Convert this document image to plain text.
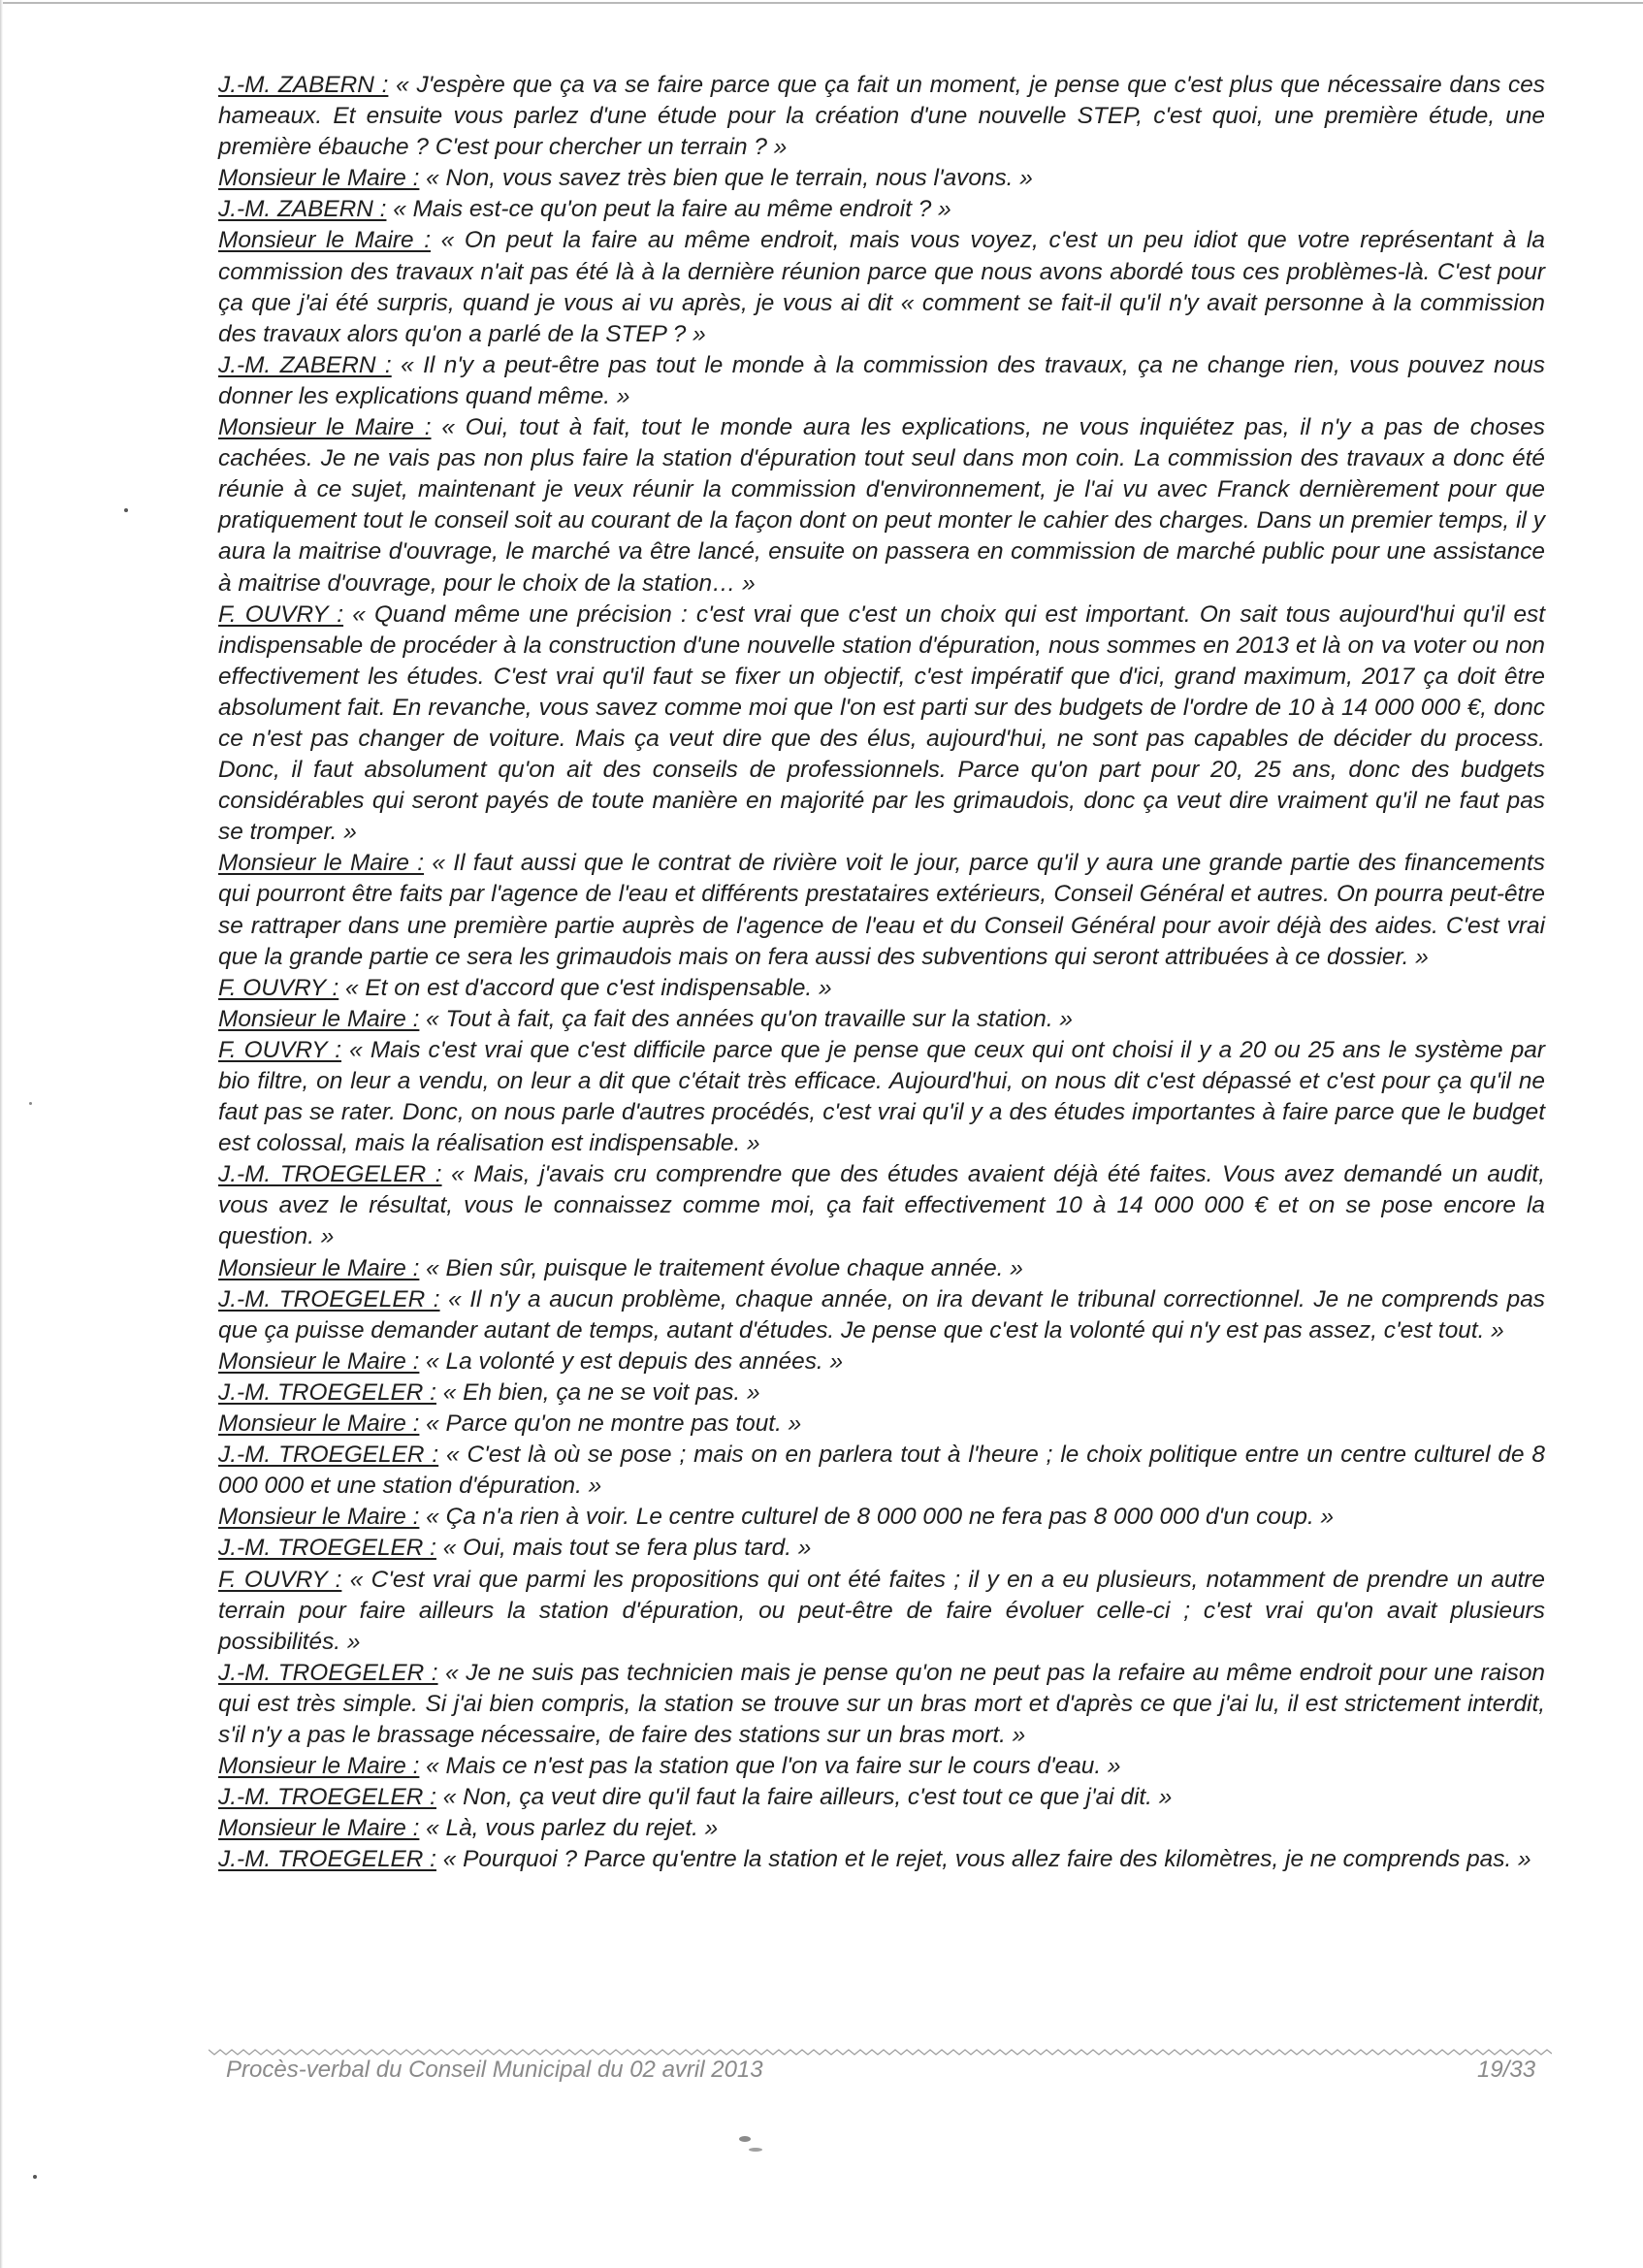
J.-M. ZABERN : « J'espère que ça va se faire parce que ça fait un moment, je pense que c'est plus que nécessaire dans ces hameaux. Et ensuite vous parlez d'une étude pour la création d'une nouvelle STEP, c'est quoi, une première étude, une première ébauche ? C'est pour chercher un terrain ? »

Monsieur le Maire : « Non, vous savez très bien que le terrain, nous l'avons. »

J.-M. ZABERN : « Mais est-ce qu'on peut la faire au même endroit ? »

Monsieur le Maire : « On peut la faire au même endroit, mais vous voyez, c'est un peu idiot que votre représentant à la commission des travaux n'ait pas été là à la dernière réunion parce que nous avons abordé tous ces problèmes-là. C'est pour ça que j'ai été surpris, quand je vous ai vu après, je vous ai dit « comment se fait-il qu'il n'y avait personne à la commission des travaux alors qu'on a parlé de la STEP ? »

J.-M. ZABERN : « Il n'y a peut-être pas tout le monde à la commission des travaux, ça ne change rien, vous pouvez nous donner les explications quand même. »

Monsieur le Maire : « Oui, tout à fait, tout le monde aura les explications, ne vous inquiétez pas, il n'y a pas de choses cachées. Je ne vais pas non plus faire la station d'épuration tout seul dans mon coin. La commission des travaux a donc été réunie à ce sujet, maintenant je veux réunir la commission d'environnement, je l'ai vu avec Franck dernièrement pour que pratiquement tout le conseil soit au courant de la façon dont on peut monter le cahier des charges. Dans un premier temps, il y aura la maitrise d'ouvrage, le marché va être lancé, ensuite on passera en commission de marché public pour une assistance à maitrise d'ouvrage, pour le choix de la station… »

F. OUVRY : « Quand même une précision : c'est vrai que c'est un choix qui est important. On sait tous aujourd'hui qu'il est indispensable de procéder à la construction d'une nouvelle station d'épuration, nous sommes en 2013 et là on va voter ou non effectivement les études. C'est vrai qu'il faut se fixer un objectif, c'est impératif que d'ici, grand maximum, 2017 ça doit être absolument fait. En revanche, vous savez comme moi que l'on est parti sur des budgets de l'ordre de 10 à 14 000 000 €, donc ce n'est pas changer de voiture. Mais ça veut dire que des élus, aujourd'hui, ne sont pas capables de décider du process. Donc, il faut absolument qu'on ait des conseils de professionnels. Parce qu'on part pour 20, 25 ans, donc des budgets considérables qui seront payés de toute manière en majorité par les grimaudois, donc ça veut dire vraiment qu'il ne faut pas se tromper. »

Monsieur le Maire : « Il faut aussi que le contrat de rivière voit le jour, parce qu'il y aura une grande partie des financements qui pourront être faits par l'agence de l'eau et différents prestataires extérieurs, Conseil Général et autres. On pourra peut-être se rattraper dans une première partie auprès de l'agence de l'eau et du Conseil Général pour avoir déjà des aides. C'est vrai que la grande partie ce sera les grimaudois mais on fera aussi des subventions qui seront attribuées à ce dossier. »

F. OUVRY : « Et on est d'accord que c'est indispensable. »

Monsieur le Maire : « Tout à fait, ça fait des années qu'on travaille sur la station. »

F. OUVRY : « Mais c'est vrai que c'est difficile parce que je pense que ceux qui ont choisi il y a 20 ou 25 ans le système par bio filtre, on leur a vendu, on leur a dit que c'était très efficace. Aujourd'hui, on nous dit c'est dépassé et c'est pour ça qu'il ne faut pas se rater. Donc, on nous parle d'autres procédés, c'est vrai qu'il y a des études importantes à faire parce que le budget est colossal, mais la réalisation est indispensable. »

J.-M. TROEGELER : « Mais, j'avais cru comprendre que des études avaient déjà été faites. Vous avez demandé un audit, vous avez le résultat, vous le connaissez comme moi, ça fait effectivement 10 à 14 000 000 € et on se pose encore la question. »

Monsieur le Maire : « Bien sûr, puisque le traitement évolue chaque année. »

J.-M. TROEGELER : « Il n'y a aucun problème, chaque année, on ira devant le tribunal correctionnel. Je ne comprends pas que ça puisse demander autant de temps, autant d'études. Je pense que c'est la volonté qui n'y est pas assez, c'est tout. »

Monsieur le Maire : « La volonté y est depuis des années. »

J.-M. TROEGELER : « Eh bien, ça ne se voit pas. »

Monsieur le Maire : « Parce qu'on ne montre pas tout. »

J.-M. TROEGELER : « C'est là où se pose ; mais on en parlera tout à l'heure ; le choix politique entre un centre culturel de 8 000 000 et une station d'épuration. »

Monsieur le Maire : « Ça n'a rien à voir. Le centre culturel de 8 000 000 ne fera pas 8 000 000 d'un coup. »

J.-M. TROEGELER : « Oui, mais tout se fera plus tard. »

F. OUVRY : « C'est vrai que parmi les propositions qui ont été faites ; il y en a eu plusieurs, notamment de prendre un autre terrain pour faire ailleurs la station d'épuration, ou peut-être de faire évoluer celle-ci ; c'est vrai qu'on avait plusieurs possibilités. »

J.-M. TROEGELER : « Je ne suis pas technicien mais je pense qu'on ne peut pas la refaire au même endroit pour une raison qui est très simple. Si j'ai bien compris, la station se trouve sur un bras mort et d'après ce que j'ai lu, il est strictement interdit, s'il n'y a pas le brassage nécessaire, de faire des stations sur un bras mort. »

Monsieur le Maire : « Mais ce n'est pas la station que l'on va faire sur le cours d'eau. »

J.-M. TROEGELER : « Non, ça veut dire qu'il faut la faire ailleurs, c'est tout ce que j'ai dit. »

Monsieur le Maire : « Là, vous parlez du rejet. »

J.-M. TROEGELER : « Pourquoi ? Parce qu'entre la station et le rejet, vous allez faire des kilomètres, je ne comprends pas. »

Procès-verbal du Conseil Municipal du 02 avril 2013	19/33
